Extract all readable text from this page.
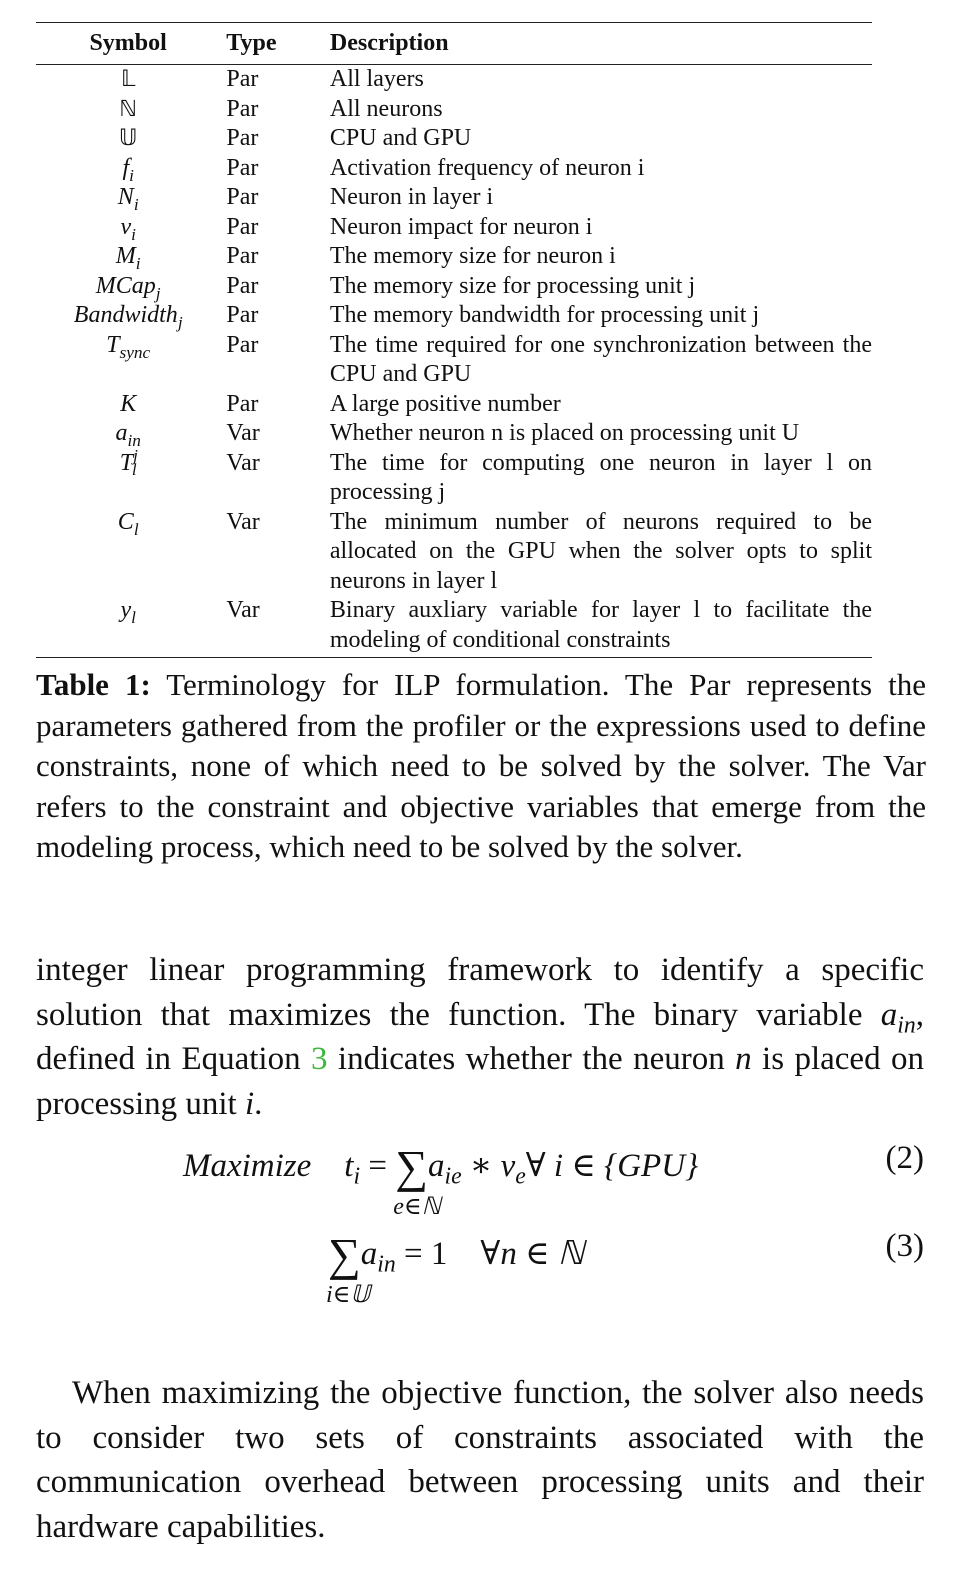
Symbol	Type	Description
𝕃	Par	All layers
ℕ	Par	All neurons
𝕌	Par	CPU and GPU
$f_i$	Par	Activation frequency of neuron i
$N_i$	Par	Neuron in layer i
$v_i$	Par	Neuron impact for neuron i
$M_i$	Par	The memory size for neuron i
MCap$_j$	Par	The memory size for processing unit j
Bandwidth$_j$	Par	The memory bandwidth for processing unit j
$T_{sync}$	Par	The time required for one synchronization between the CPU and GPU
K	Par	A large positive number
$a_{in}$	Var	Whether neuron n is placed on processing unit U
$T^j_l$	Var	The time for computing one neuron in layer l on processing j
$C_l$	Var	The minimum number of neurons required to be allocated on the GPU when the solver opts to split neurons in layer l
$y_l$	Var	Binary auxliary variable for layer l to facilitate the modeling of conditional constraints
Table 1: Terminology for ILP formulation. The Par represents the parameters gathered from the profiler or the expressions used to define constraints, none of which need to be solved by the solver. The Var refers to the constraint and objective variables that emerge from the modeling process, which need to be solved by the solver.
integer linear programming framework to identify a specific solution that maximizes the function. The binary variable $a_{in}$, defined in Equation 3 indicates whether the neuron n is placed on processing unit i.
Maximize $t_i$ = ∑
e∈ℕ
$a_{ie}$ ∗ $v_e\forall$ i ∈ {GPU}	(2)
∑
i∈𝕌
$a_{in} = 1$ ∀n ∈ ℕ	(3)
When maximizing the objective function, the solver also needs to consider two sets of constraints associated with the communication overhead between processing units and their hardware capabilities.
